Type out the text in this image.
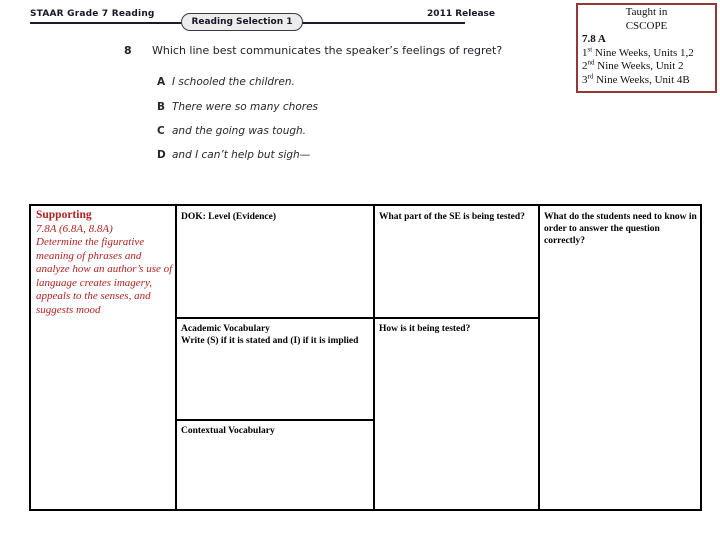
STAAR Grade 7 Reading
Reading Selection 1
2011 Release
8 Which line best communicates the speaker’s feelings of regret?
A I schooled the children.
B There were so many chores
C and the going was tough.
D and I can’t help but sigh—
Taught in
CSCOPE
7.8 A
1st Nine Weeks, Units 1,2
2nd Nine Weeks, Unit 2
3rd Nine Weeks, Unit 4B
Supporting
7.8A (6.8A, 8.8A)
Determine the figurative meaning of phrases and analyze how an author’s use of language creates imagery, appeals to the senses, and suggests mood
DOK: Level (Evidence)
Academic Vocabulary
Write (S) if it is stated and (I) if it is implied
Contextual Vocabulary
What part of the SE is being tested?
How is it being tested?
What do the students need to know in order to answer the question correctly?
